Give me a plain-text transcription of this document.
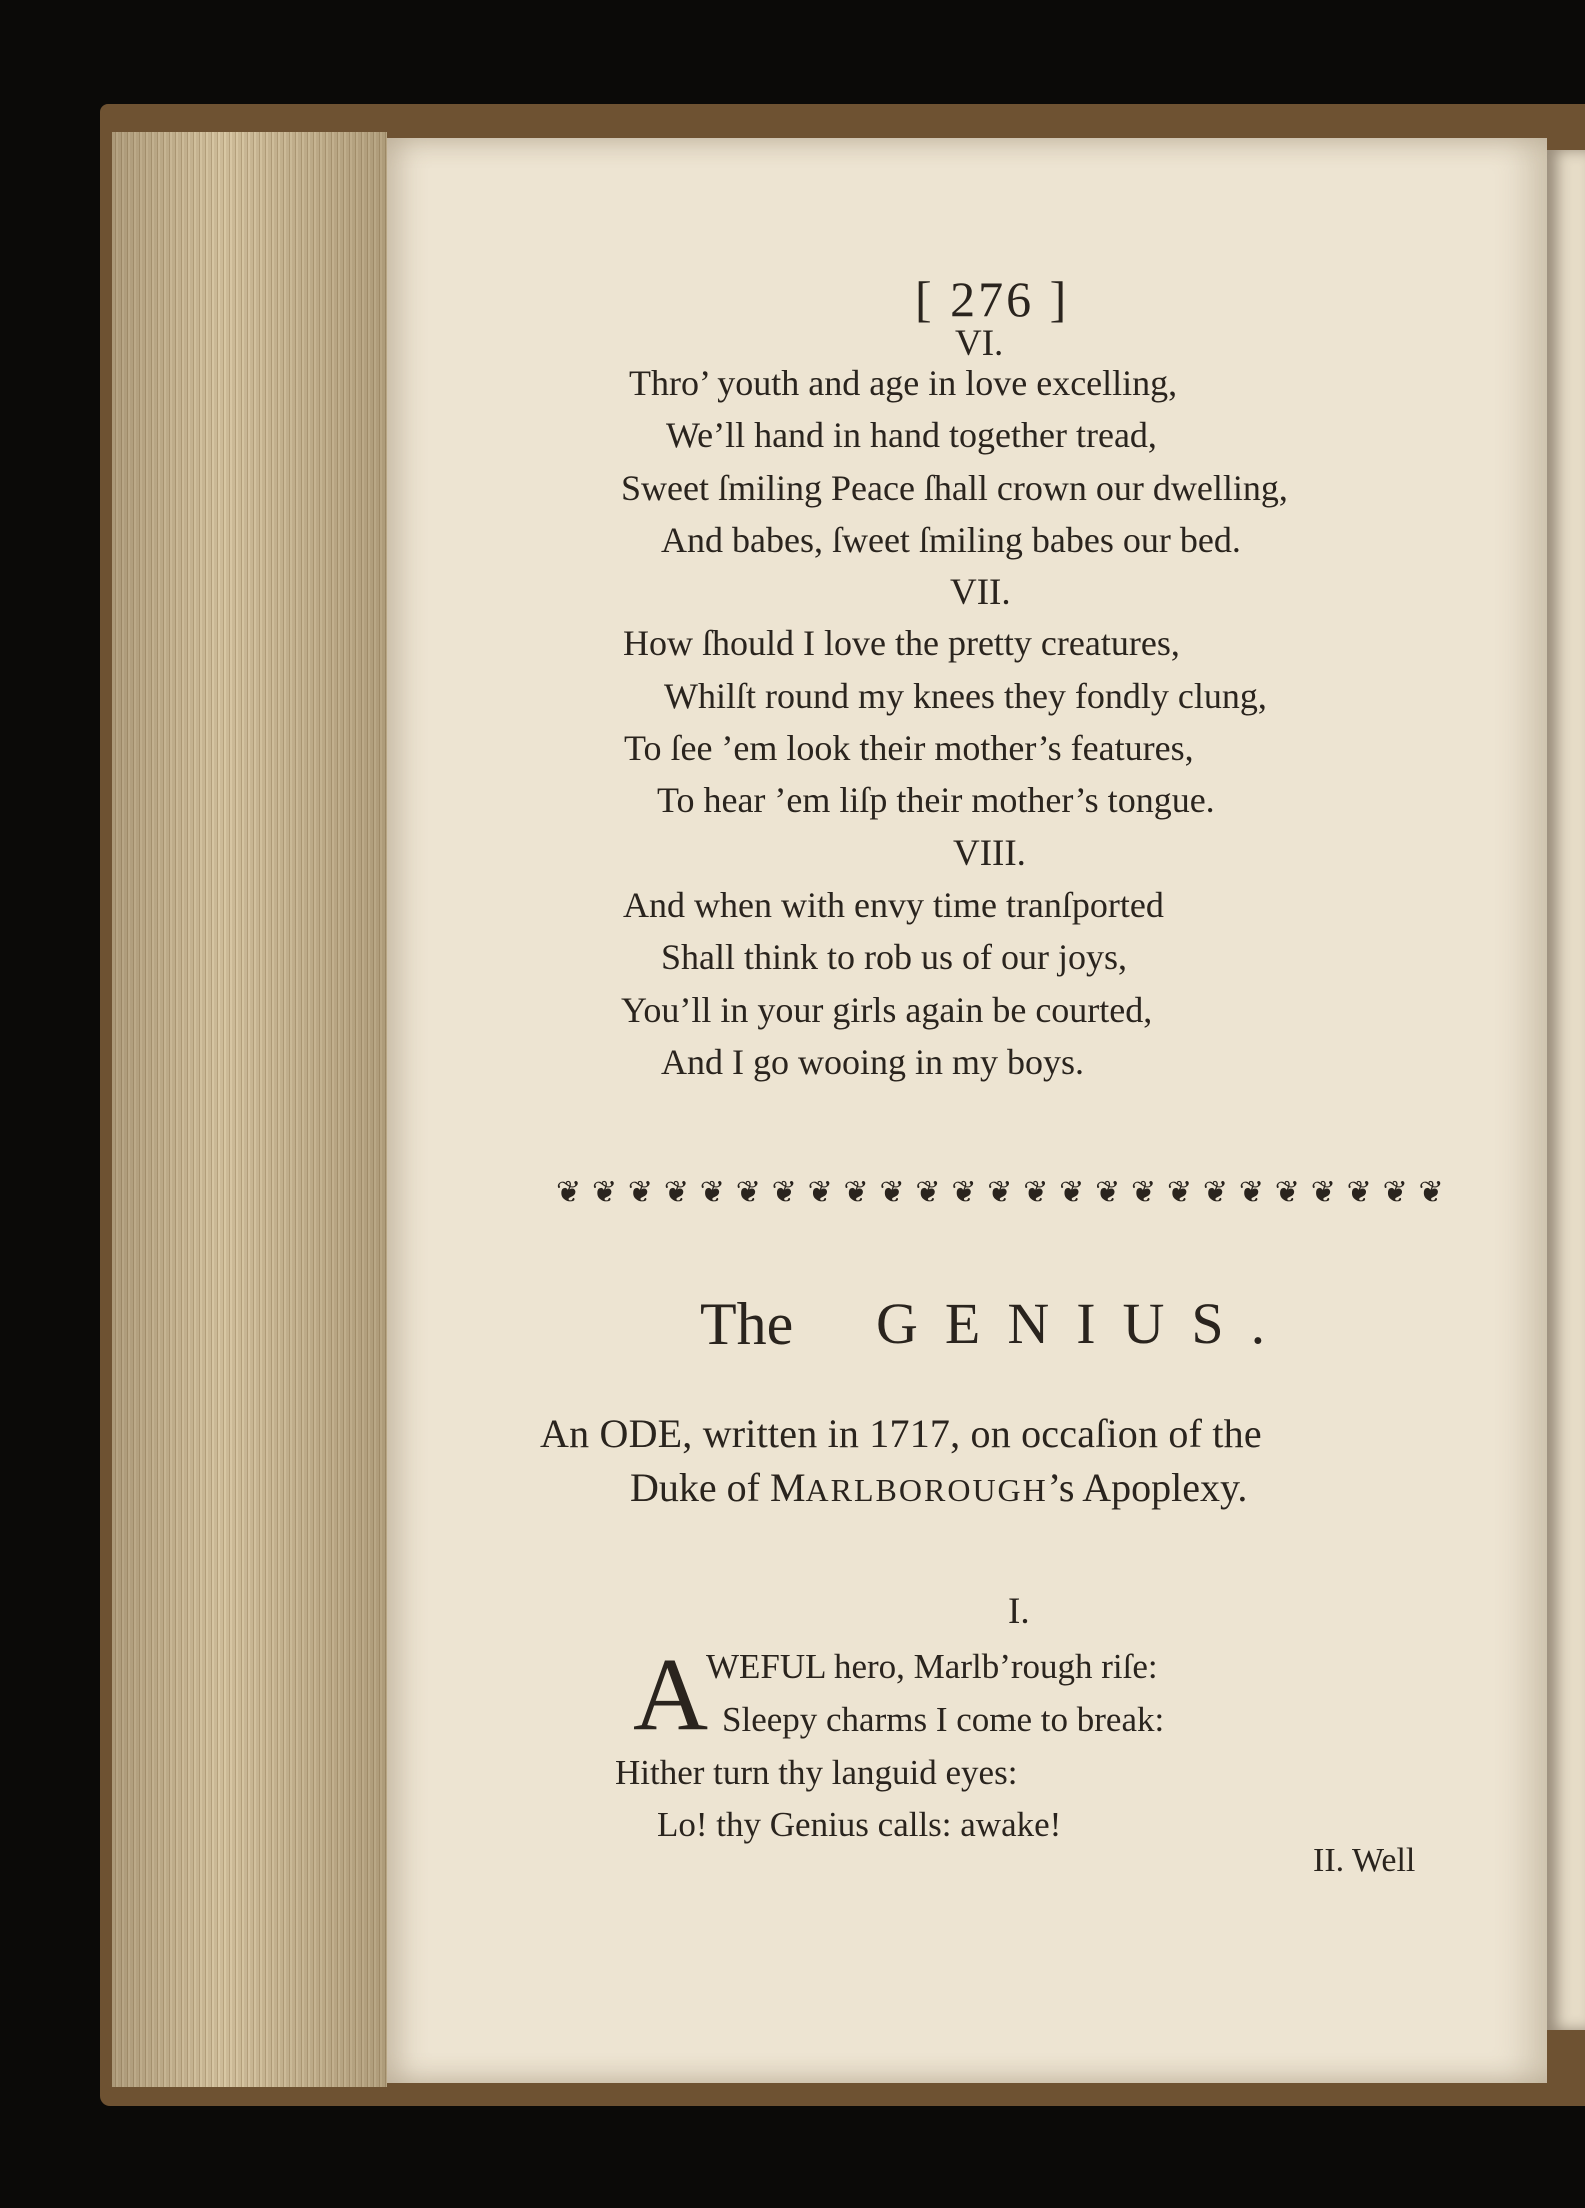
[ 276 ]
VI.
Thro’ youth and age in love excelling,
We’ll hand in hand together tread,
Sweet ſmiling Peace ſhall crown our dwelling,
And babes, ſweet ſmiling babes our bed.
VII.
How ſhould I love the pretty creatures,
Whilſt round my knees they fondly clung,
To ſee ’em look their mother’s features,
To hear ’em liſp their mother’s tongue.
VIII.
And when with envy time tranſported
Shall think to rob us of our joys,
You’ll in your girls again be courted,
And I go wooing in my boys.
❦ ❦ ❦ ❦ ❦ ❦ ❦ ❦ ❦ ❦ ❦ ❦ ❦ ❦ ❦ ❦ ❦ ❦ ❦ ❦ ❦ ❦ ❦ ❦ ❦
The GENIUS.
An ODE, written in 1717, on occaſion of the
Duke of MARLBOROUGH’s Apoplexy.
I.
A
WEFUL hero, Marlb’rough riſe:
Sleepy charms I come to break:
Hither turn thy languid eyes:
Lo! thy Genius calls: awake!
II. Well
